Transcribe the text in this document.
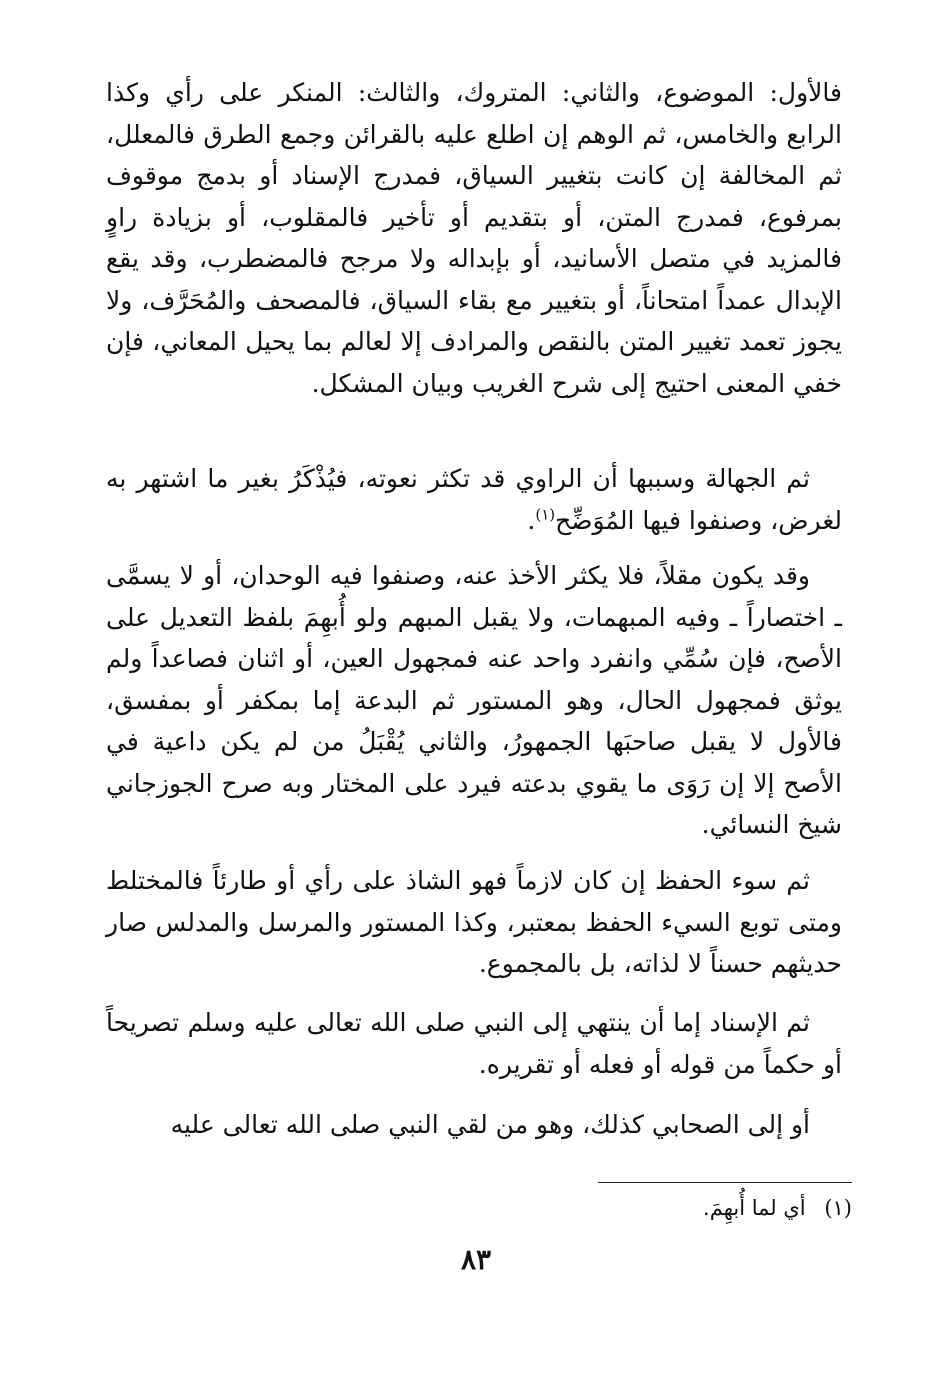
فالأول: الموضوع، والثاني: المتروك، والثالث: المنكر على رأي وكذا الرابع والخامس، ثم الوهم إن اطلع عليه بالقرائن وجمع الطرق فالمعلل، ثم المخالفة إن كانت بتغيير السياق، فمدرج الإسناد أو بدمج موقوف بمرفوع، فمدرج المتن، أو بتقديم أو تأخير فالمقلوب، أو بزيادة راوٍ فالمزيد في متصل الأسانيد، أو بإبداله ولا مرجح فالمضطرب، وقد يقع الإبدال عمداً امتحاناً، أو بتغيير مع بقاء السياق، فالمصحف والمُحَرَّف، ولا يجوز تعمد تغيير المتن بالنقص والمرادف إلا لعالم بما يحيل المعاني، فإن خفي المعنى احتيج إلى شرح الغريب وبيان المشكل.

ثم الجهالة وسببها أن الراوي قد تكثر نعوته، فيُذْكَرُ بغير ما اشتهر به لغرض، وصنفوا فيها المُوَضِّح$^{(١)}$.

وقد يكون مقلاً، فلا يكثر الأخذ عنه، وصنفوا فيه الوحدان، أو لا يسمَّى ـ اختصاراً ـ وفيه المبهمات، ولا يقبل المبهم ولو أُبهِمَ بلفظ التعديل على الأصح، فإن سُمِّي وانفرد واحد عنه فمجهول العين، أو اثنان فصاعداً ولم يوثق فمجهول الحال، وهو المستور ثم البدعة إما بمكفر أو بمفسق، فالأول لا يقبل صاحبَها الجمهورُ، والثاني يُقْبَلُ من لم يكن داعية في الأصح إلا إن رَوَى ما يقوي بدعته فيرد على المختار وبه صرح الجوزجاني شيخ النسائي.

ثم سوء الحفظ إن كان لازماً فهو الشاذ على رأي أو طارئاً فالمختلط ومتى توبع السيء الحفظ بمعتبر، وكذا المستور والمرسل والمدلس صار حديثهم حسناً لا لذاته، بل بالمجموع.

ثم الإسناد إما أن ينتهي إلى النبي صلى الله تعالى عليه وسلم تصريحاً أو حكماً من قوله أو فعله أو تقريره.

أو إلى الصحابي كذلك، وهو من لقي النبي صلى الله تعالى عليه

(١) أي لما أُبهِمَ.
٨٣
